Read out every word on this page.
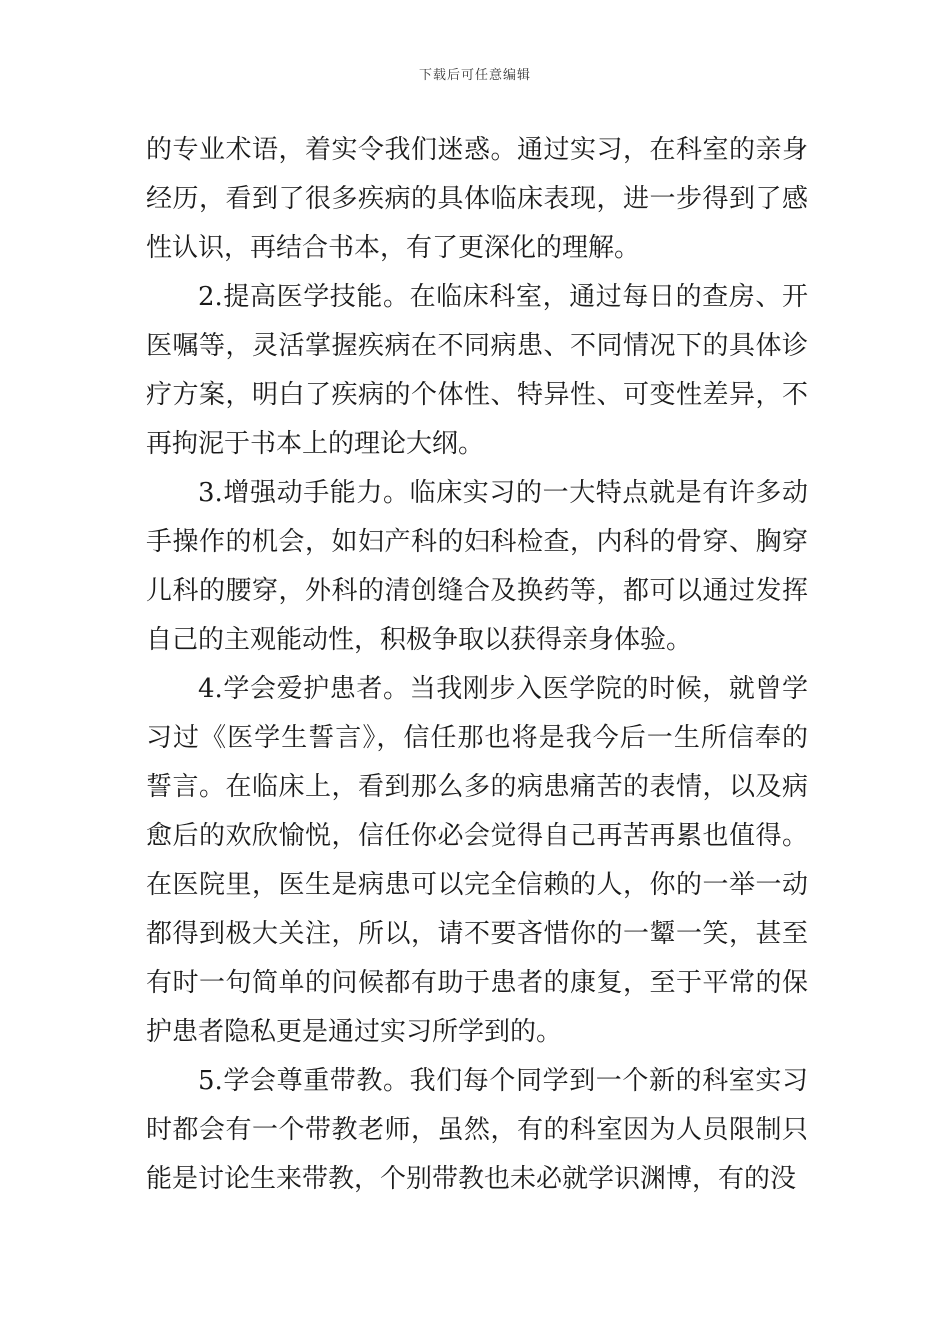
下载后可任意编辑

的专业术语，着实令我们迷惑。通过实习，在科室的亲身经历，看到了很多疾病的具体临床表现，进一步得到了感性认识，再结合书本，有了更深化的理解。

2.提高医学技能。在临床科室，通过每日的查房、开医嘱等，灵活掌握疾病在不同病患、不同情况下的具体诊疗方案，明白了疾病的个体性、特异性、可变性差异，不再拘泥于书本上的理论大纲。

3.增强动手能力。临床实习的一大特点就是有许多动手操作的机会，如妇产科的妇科检查，内科的骨穿、胸穿儿科的腰穿，外科的清创缝合及换药等，都可以通过发挥自己的主观能动性，积极争取以获得亲身体验。

4.学会爱护患者。当我刚步入医学院的时候，就曾学习过《医学生誓言》，信任那也将是我今后一生所信奉的誓言。在临床上，看到那么多的病患痛苦的表情，以及病愈后的欢欣愉悦，信任你必会觉得自己再苦再累也值得。在医院里，医生是病患可以完全信赖的人，你的一举一动都得到极大关注，所以，请不要吝惜你的一颦一笑，甚至有时一句简单的问候都有助于患者的康复，至于平常的保护患者隐私更是通过实习所学到的。

5.学会尊重带教。我们每个同学到一个新的科室实习时都会有一个带教老师，虽然，有的科室因为人员限制只能是讨论生来带教，个别带教也未必就学识渊博，有的没
